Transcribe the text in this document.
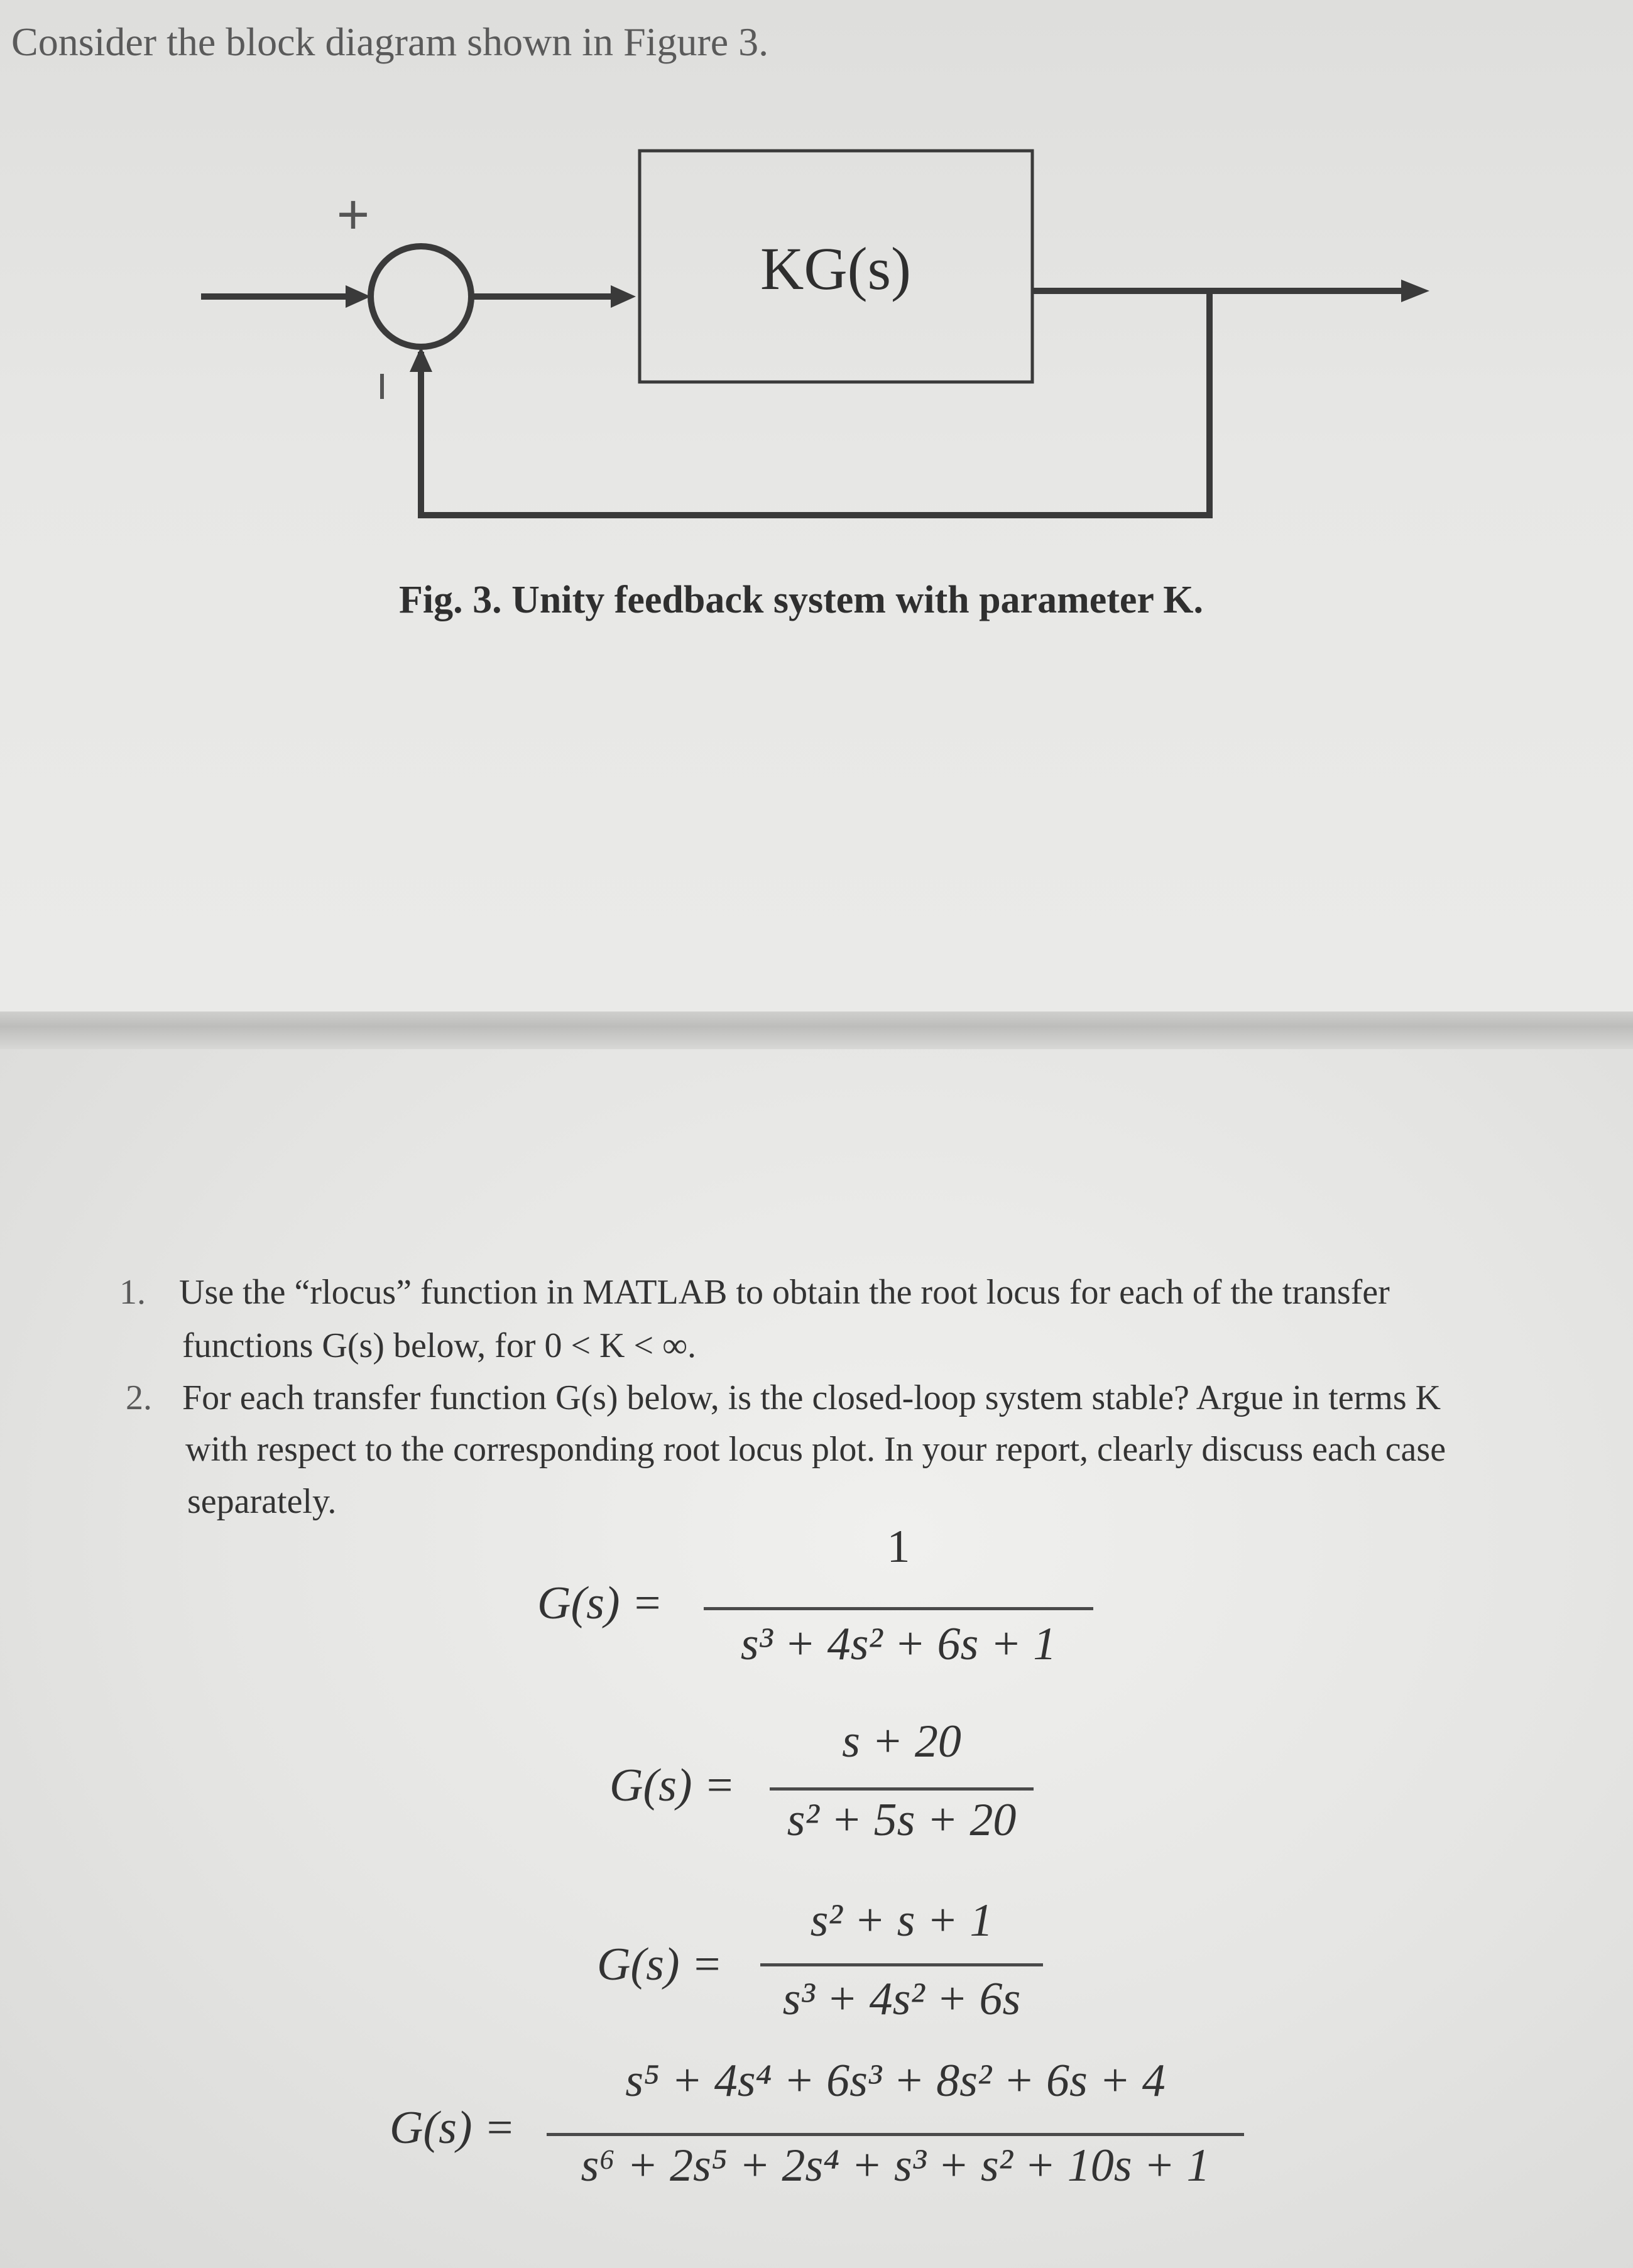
Consider the block diagram shown in Figure 3.
+
KG(s)
Fig. 3. Unity feedback system with parameter K.
1. Use the “rlocus” function in MATLAB to obtain the root locus for each of the transfer
functions G(s) below, for 0 < K < ∞.
2. For each transfer function G(s) below, is the closed-loop system stable? Argue in terms K
with respect to the corresponding root locus plot. In your report, clearly discuss each case
separately.
G(s) =
1
s³ + 4s² + 6s + 1
G(s) =
s + 20
s² + 5s + 20
G(s) =
s² + s + 1
s³ + 4s² + 6s
G(s) =
s⁵ + 4s⁴ + 6s³ + 8s² + 6s + 4
s⁶ + 2s⁵ + 2s⁴ + s³ + s² + 10s + 1
